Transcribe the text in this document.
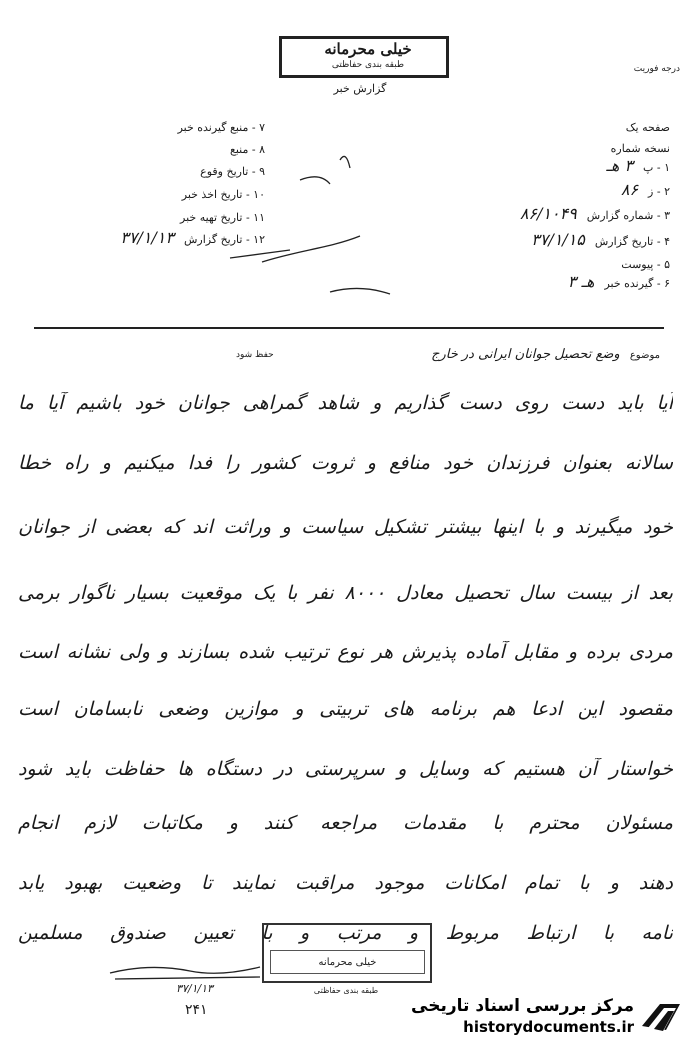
خیلی محرمانه
طبقه بندی حفاظتی
گزارش خبر
درجه فوریت
صفحه یک
نسخه شماره
۱ - پ۳ هـ
۲ - ز۸۶
۳ - شماره گزارش۸۶/۱۰۴۹
۴ - تاریخ گزارش۳۷/۱/۱۵
۵ - پیوست
۶ - گیرنده خبرهـ ۳
۷ - منبع گیرنده خبر
۸ - منبع
۹ - تاریخ وقوع
۱۰ - تاریخ اخذ خبر
۱۱ - تاریخ تهیه خبر
۱۲ - تاریخ گزارش۳۷/۱/۱۳
موضوع وضع تحصیل جوانان ایرانی در خارج
حفظ شود
آیا باید دست روی دست گذاریم و شاهد گمراهی جوانان خود باشیم آیا ما
سالانه بعنوان فرزندان خود منافع و ثروت کشور را فدا میکنیم و راه خطا
خود میگیرند و با اینها بیشتر تشکیل سیاست و وراثت اند که بعضی از جوانان
بعد از بیست سال تحصیل معادل ۸۰۰۰ نفر با یک موقعیت بسیار ناگوار برمی
مردی برده و مقابل آماده پذیرش هر نوع ترتیب شده بسازند و ولی نشانه است
مقصود این ادعا هم برنامه های تربیتی و موازین وضعی نابسامان است
خواستار آن هستیم که وسایل و سرپرستی در دستگاه ها حفاظت باید شود
مسئولان محترم با مقدمات مراجعه کنند و مکاتبات لازم انجام
دهند و با تمام امکانات موجود مراقبت نمایند تا وضعیت بهبود یابد
نامه با ارتباط مربوط و مرتب و با تعیین صندوق مسلمین
خیلی محرمانه
طبقه بندی حفاظتی
۳۷/۱/۱۳
۲۴۱	مرکز بررسی اسناد تاریخی
historydocuments.ir
